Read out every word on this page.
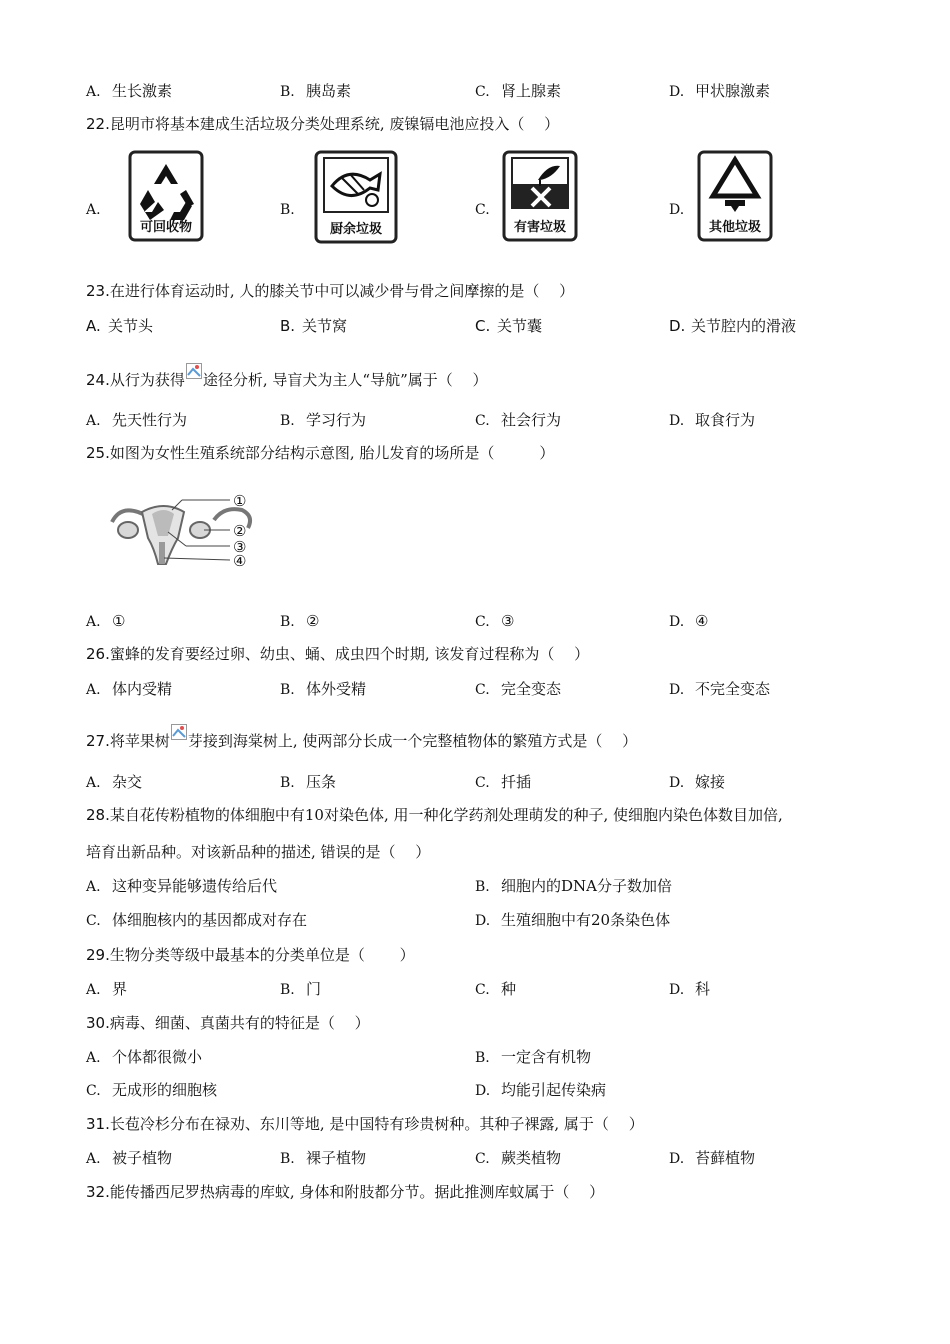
A. 生长激素	B. 胰岛素	C. 肾上腺素	D. 甲状腺激素
22.昆明市将基本建成生活垃圾分类处理系统, 废镍镉电池应投入（　 ）
A.
可回收物
B.
厨余垃圾
C.
有害垃圾
D.
其他垃圾
23.在进行体育运动时, 人的膝关节中可以减少骨与骨之间摩擦的是（　 ）
A. 关节头	B. 关节窝	C. 关节囊	D. 关节腔内的滑液
24.从行为获得 途径分析, 导盲犬为主人“导航”属于（　 ）
A. 先天性行为	B. 学习行为	C. 社会行为	D. 取食行为
25.如图为女性生殖系统部分结构示意图, 胎儿发育的场所是（　　　）
①
②
③
④
A. ①	B. ②	C. ③	D. ④
26.蜜蜂的发育要经过卵、幼虫、蛹、成虫四个时期, 该发育过程称为（　 ）
A. 体内受精	B. 体外受精	C. 完全变态	D. 不完全变态
27.将苹果树 芽接到海棠树上, 使两部分长成一个完整植物体的繁殖方式是（　 ）
A. 杂交	B. 压条	C. 扦插	D. 嫁接
28.某自花传粉植物的体细胞中有10对染色体, 用一种化学药剂处理萌发的种子, 使细胞内染色体数目加倍,
培育出新品种。对该新品种的描述, 错误的是（　 ）
A. 这种变异能够遗传给后代	B. 细胞内的DNA分子数加倍
C. 体细胞核内的基因都成对存在	D. 生殖细胞中有20条染色体
29.生物分类等级中最基本的分类单位是（　　 ）
A. 界	B. 门	C. 种	D. 科
30.病毒、细菌、真菌共有的特征是（　 ）
A. 个体都很微小	B. 一定含有机物
C. 无成形的细胞核	D. 均能引起传染病
31.长苞冷杉分布在禄劝、东川等地, 是中国特有珍贵树种。其种子裸露, 属于（　 ）
A. 被子植物	B. 裸子植物	C. 蕨类植物	D. 苔藓植物
32.能传播西尼罗热病毒的库蚊, 身体和附肢都分节。据此推测库蚊属于（　 ）
